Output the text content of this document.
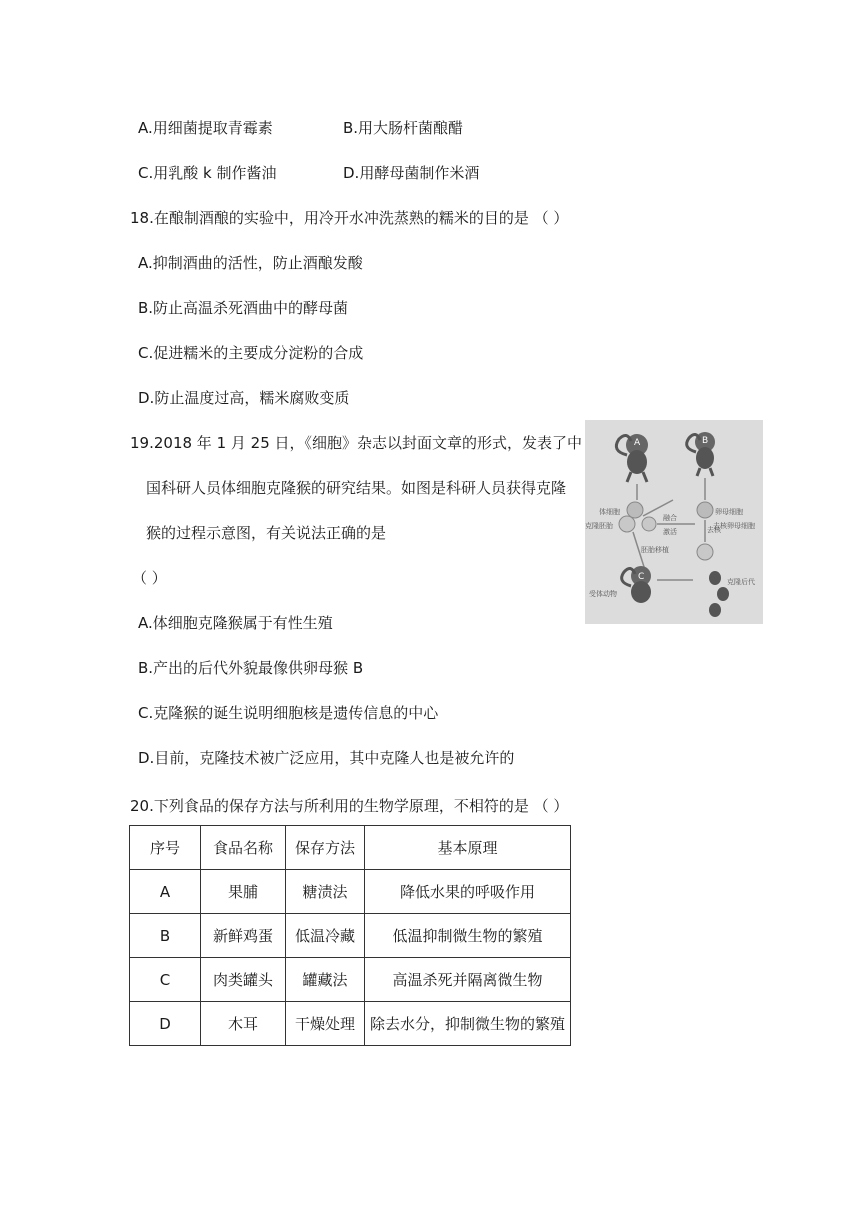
A.用细菌提取青霉素	B.用大肠杆菌酿醋
C.用乳酸 k 制作酱油	D.用酵母菌制作米酒
18.在酿制酒酿的实验中，用冷开水冲洗蒸熟的糯米的目的是 （ ）
A.抑制酒曲的活性，防止酒酿发酸
B.防止高温杀死酒曲中的酵母菌
C.促进糯米的主要成分淀粉的合成
D.防止温度过高，糯米腐败变质
19.2018 年 1 月 25 日，《细胞》杂志以封面文章的形式，发表了中
国科研人员体细胞克隆猴的研究结果。如图是科研人员获得克隆
猴的过程示意图，有关说法正确的是
（ ）
A.体细胞克隆猴属于有性生殖
B.产出的后代外貌最像供卵母猴 B
C.克隆猴的诞生说明细胞核是遗传信息的中心
D.目前，克隆技术被广泛应用，其中克隆人也是被允许的
A	B
体细胞	卵母细胞
去核
去核卵母细胞
克隆胚胎
融合
激活
胚胎移植
C
受体动物
克隆后代
20.下列食品的保存方法与所利用的生物学原理，不相符的是 （ ）
序号	食品名称	保存方法	基本原理
A	果脯	糖渍法	降低水果的呼吸作用
B	新鲜鸡蛋	低温冷藏	低温抑制微生物的繁殖
C	肉类罐头	罐藏法	高温杀死并隔离微生物
D	木耳	干燥处理	除去水分，抑制微生物的繁殖
